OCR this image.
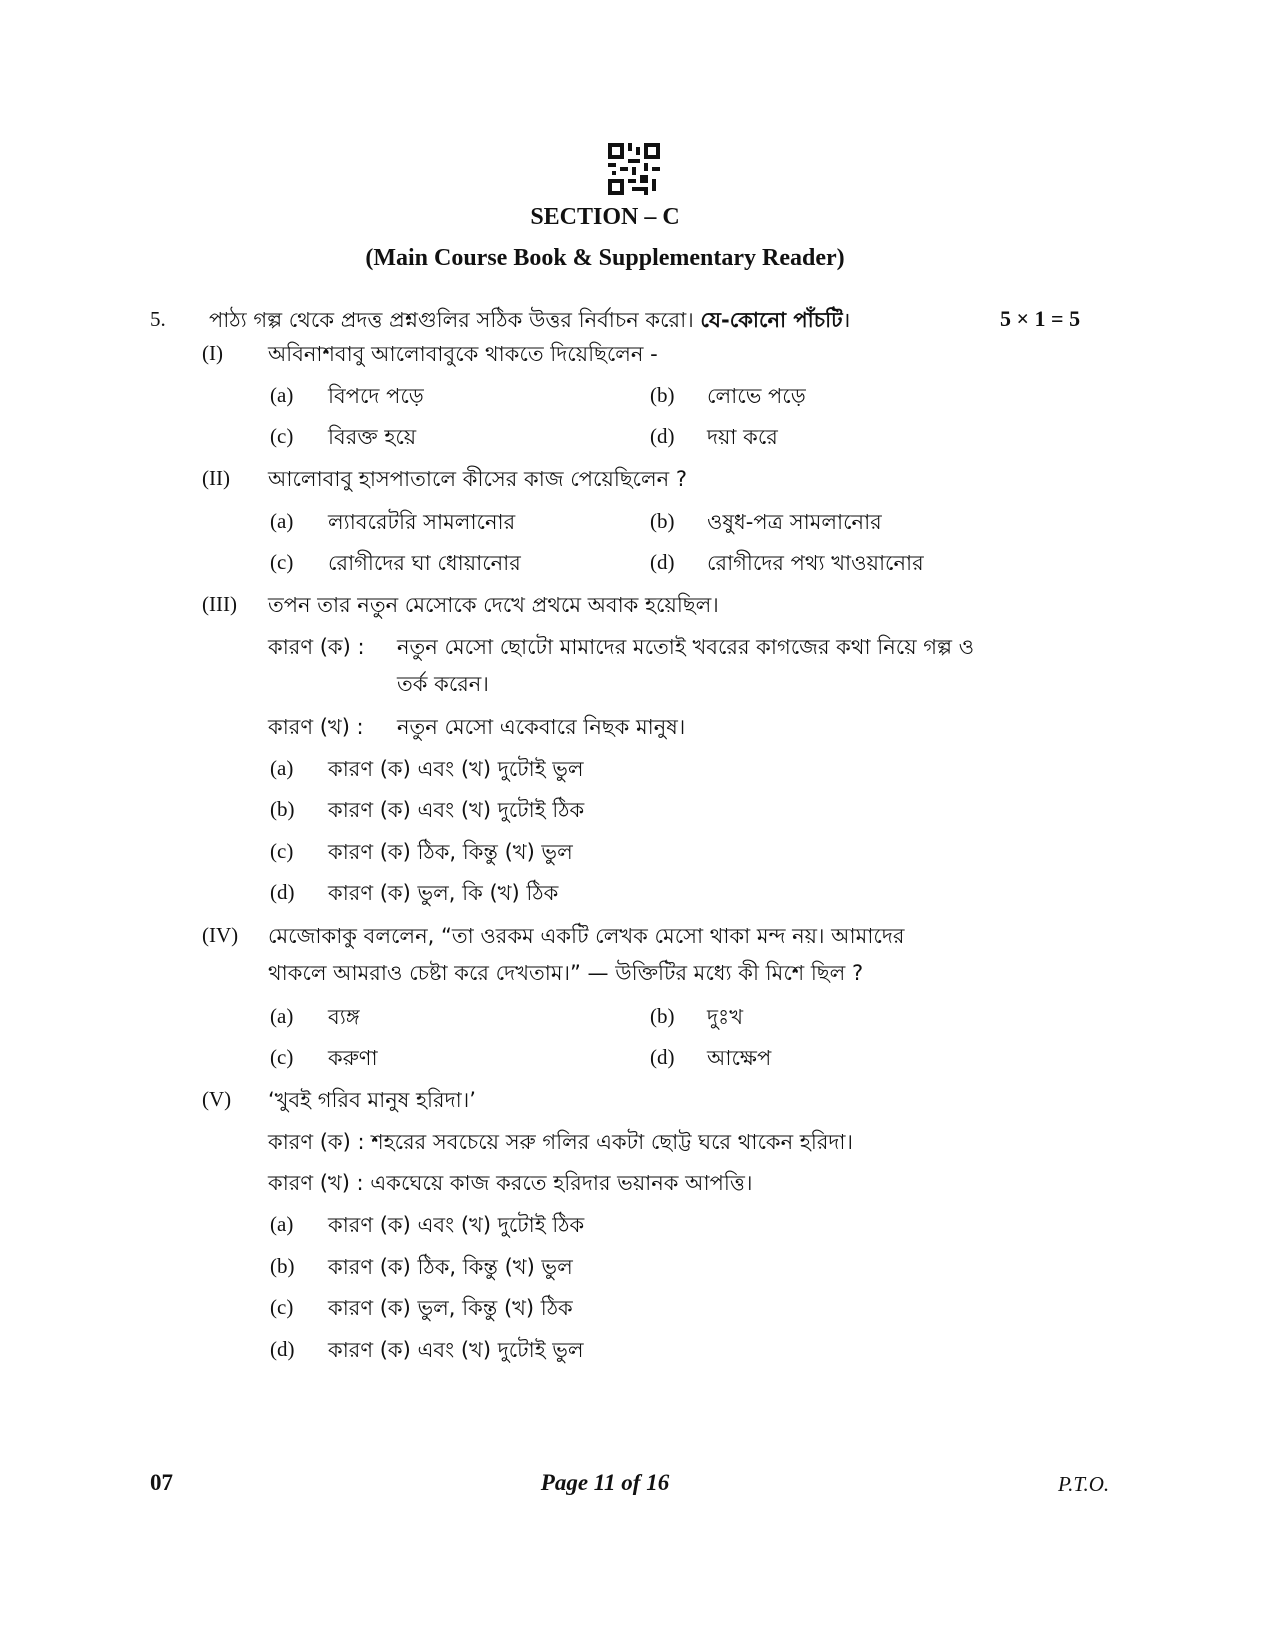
SECTION – C
(Main Course Book & Supplementary Reader)
5. পাঠ্য গল্প থেকে প্রদত্ত প্রশ্নগুলির সঠিক উত্তর নির্বাচন করো। যে-কোনো পাঁচটি।	5 × 1 = 5
(I) অবিনাশবাবু আলোবাবুকে থাকতে দিয়েছিলেন -
(a) বিপদে পড়ে	(b) লোভে পড়ে
(c) বিরক্ত হয়ে	(d) দয়া করে
(II) আলোবাবু হাসপাতালে কীসের কাজ পেয়েছিলেন ?
(a) ল্যাবরেটরি সামলানোর	(b) ওষুধ-পত্র সামলানোর
(c) রোগীদের ঘা ধোয়ানোর	(d) রোগীদের পথ্য খাওয়ানোর
(III) তপন তার নতুন মেসোকে দেখে প্রথমে অবাক হয়েছিল।
কারণ (ক) : নতুন মেসো ছোটো মামাদের মতোই খবরের কাগজের কথা নিয়ে গল্প ও
তর্ক করেন।
কারণ (খ) : নতুন মেসো একেবারে নিছক মানুষ।
(a) কারণ (ক) এবং (খ) দুটোই ভুল
(b) কারণ (ক) এবং (খ) দুটোই ঠিক
(c) কারণ (ক) ঠিক, কিন্তু (খ) ভুল
(d) কারণ (ক) ভুল, কি (খ) ঠিক
(IV) মেজোকাকু বললেন, “তা ওরকম একটি লেখক মেসো থাকা মন্দ নয়। আমাদের
থাকলে আমরাও চেষ্টা করে দেখতাম।” — উক্তিটির মধ্যে কী মিশে ছিল ?
(a) ব্যঙ্গ	(b) দুঃখ
(c) করুণা	(d) আক্ষেপ
(V) ‘খুবই গরিব মানুষ হরিদা।’
কারণ (ক) : শহরের সবচেয়ে সরু গলির একটা ছোট্ট ঘরে থাকেন হরিদা।
কারণ (খ) : একঘেয়ে কাজ করতে হরিদার ভয়ানক আপত্তি।
(a) কারণ (ক) এবং (খ) দুটোই ঠিক
(b) কারণ (ক) ঠিক, কিন্তু (খ) ভুল
(c) কারণ (ক) ভুল, কিন্তু (খ) ঠিক
(d) কারণ (ক) এবং (খ) দুটোই ভুল
07	Page 11 of 16	P.T.O.
